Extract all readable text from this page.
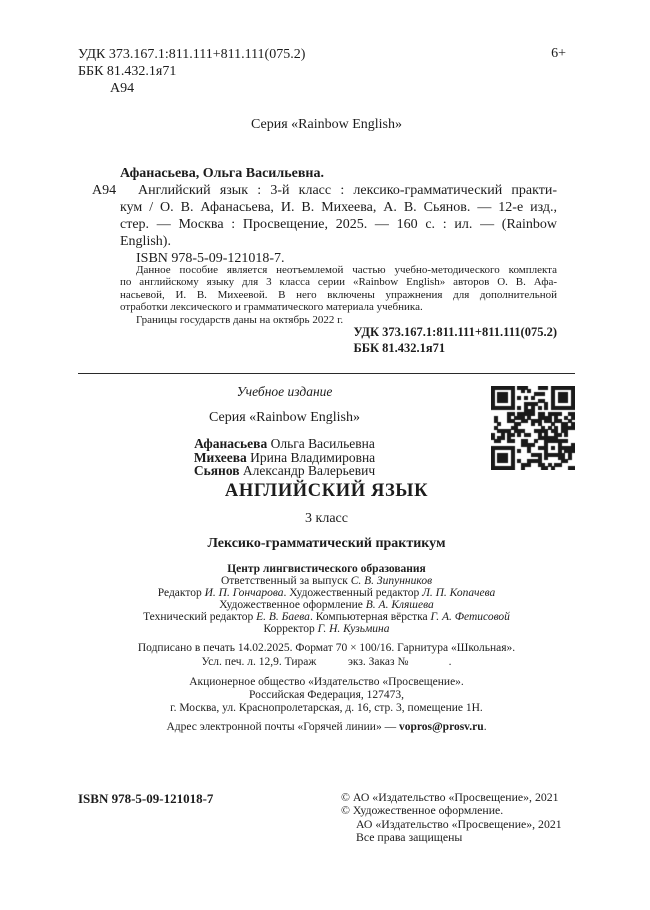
УДК 373.167.1:811.111+811.111(075.2)
ББК 81.432.1я71
А94
6+
Серия «Rainbow English»
Афанасьева, Ольга Васильевна.
А94	Английский язык : 3-й класс : лексико-грамматический практи-
кум / О. В. Афанасьева, И. В. Михеева, А. В. Сьянов. — 12-е изд.,
стер. — Москва : Просвещение, 2025. — 160 с. : ил. — (Rainbow
English).
ISBN 978-5-09-121018-7.
Данное пособие является неотъемлемой частью учебно-методического комплекта
по английскому языку для 3 класса серии «Rainbow English» авторов О. В. Афа-
насьевой, И. В. Михеевой. В него включены упражнения для дополнительной
отработки лексического и грамматического материала учебника.
Границы государств даны на октябрь 2022 г.
УДК 373.167.1:811.111+811.111(075.2)
ББК 81.432.1я71
Учебное издание
Серия «Rainbow English»
Афанасьева Ольга Васильевна
Михеева Ирина Владимировна
Сьянов Александр Валерьевич
АНГЛИЙСКИЙ ЯЗЫК
3 класс
Лексико-грамматический практикум
Центр лингвистического образования
Ответственный за выпуск С. В. Зипунников
Редактор И. П. Гончарова. Художественный редактор Л. П. Копачева
Художественное оформление В. А. Кляшева
Технический редактор Е. В. Баева. Компьютерная вёрстка Г. А. Фетисовой
Корректор Г. Н. Кузьмина
Подписано в печать 14.02.2025. Формат 70 × 100/16. Гарнитура «Школьная».
Усл. печ. л. 12,9. Тираж           экз. Заказ №              .
Акционерное общество «Издательство «Просвещение».
Российская Федерация, 127473,
г. Москва, ул. Краснопролетарская, д. 16, стр. 3, помещение 1Н.
Адрес электронной почты «Горячей линии» — vopros@prosv.ru.
ISBN 978-5-09-121018-7	© АО «Издательство «Просвещение», 2021
© Художественное оформление.
АО «Издательство «Просвещение», 2021
Все права защищены
